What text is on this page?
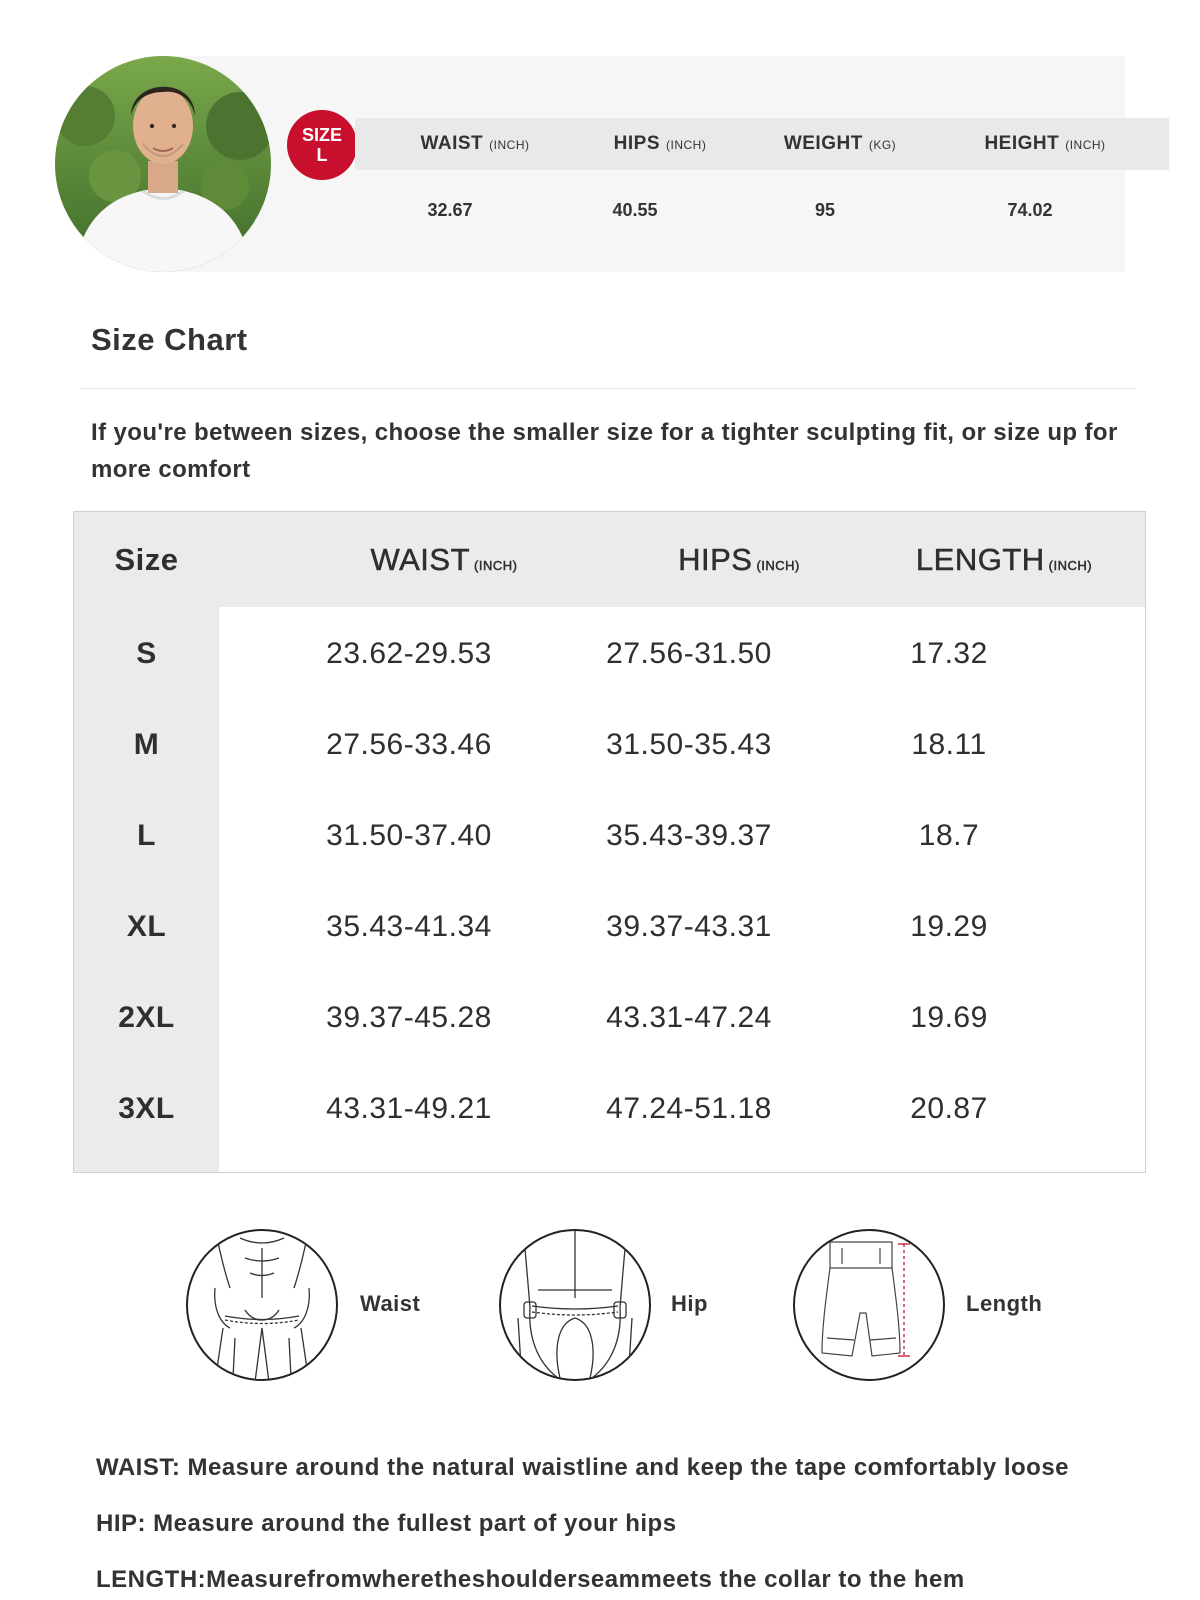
SIZE
L
WAIST (INCH)	HIPS (INCH)	WEIGHT (KG)	HEIGHT (INCH)
32.67	40.55	95	74.02
Size Chart
If you're between sizes, choose the smaller size for a tighter sculpting fit, or size up for more comfort
Size	WAIST (INCH)	HIPS (INCH)	LENGTH (INCH)
S	23.62-29.53	27.56-31.50	17.32
M	27.56-33.46	31.50-35.43	18.11
L	31.50-37.40	35.43-39.37	18.7
XL	35.43-41.34	39.37-43.31	19.29
2XL	39.37-45.28	43.31-47.24	19.69
3XL	43.31-49.21	47.24-51.18	20.87
Waist	Hip	Length
WAIST: Measure around the natural waistline and keep the tape comfortably loose
HIP: Measure around the fullest part of your hips
LENGTH:Measurefromwheretheshoulderseammeets the collar to the hem
